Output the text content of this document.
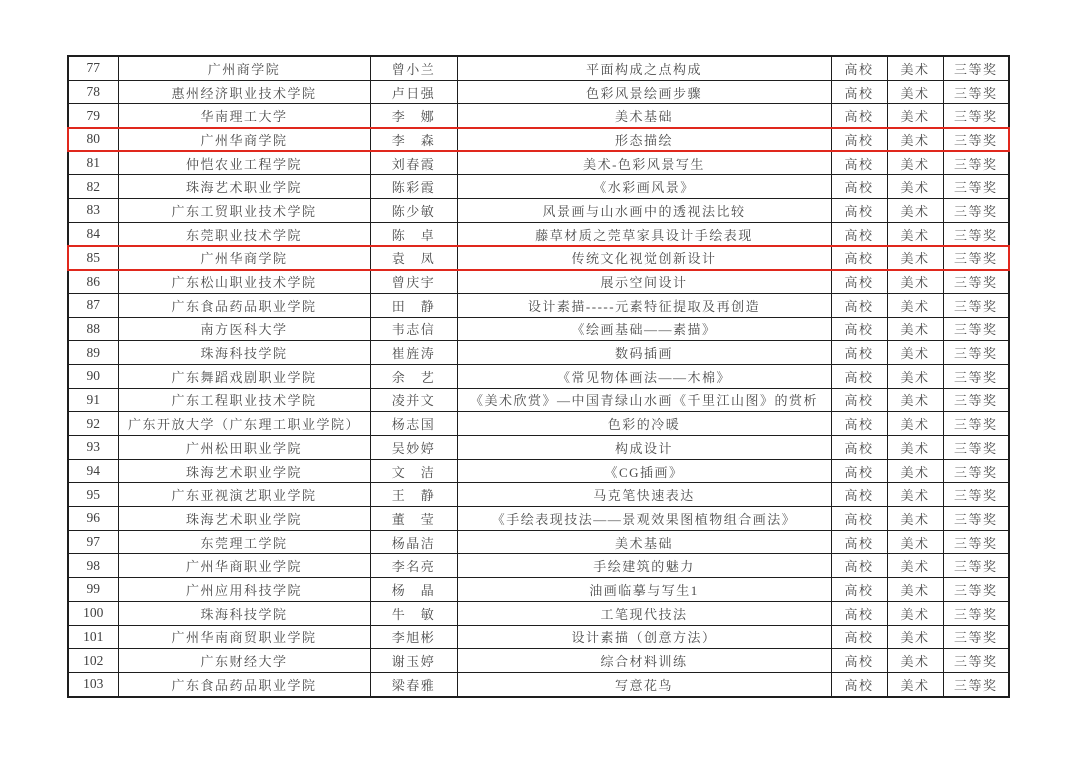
77	广州商学院	曾小兰	平面构成之点构成	高校	美术	三等奖
78	惠州经济职业技术学院	卢日强	色彩风景绘画步骤	高校	美术	三等奖
79	华南理工大学	李　娜	美术基础	高校	美术	三等奖
80	广州华商学院	李　森	形态描绘	高校	美术	三等奖
81	仲恺农业工程学院	刘春霞	美术-色彩风景写生	高校	美术	三等奖
82	珠海艺术职业学院	陈彩霞	《水彩画风景》	高校	美术	三等奖
83	广东工贸职业技术学院	陈少敏	风景画与山水画中的透视法比较	高校	美术	三等奖
84	东莞职业技术学院	陈　卓	藤草材质之莞草家具设计手绘表现	高校	美术	三等奖
85	广州华商学院	袁　凤	传统文化视觉创新设计	高校	美术	三等奖
86	广东松山职业技术学院	曾庆宇	展示空间设计	高校	美术	三等奖
87	广东食品药品职业学院	田　静	设计素描-----元素特征提取及再创造	高校	美术	三等奖
88	南方医科大学	韦志信	《绘画基础——素描》	高校	美术	三等奖
89	珠海科技学院	崔旌涛	数码插画	高校	美术	三等奖
90	广东舞蹈戏剧职业学院	余　艺	《常见物体画法——木棉》	高校	美术	三等奖
91	广东工程职业技术学院	凌并文	《美术欣赏》—中国青绿山水画《千里江山图》的赏析	高校	美术	三等奖
92	广东开放大学（广东理工职业学院）	杨志国	色彩的冷暖	高校	美术	三等奖
93	广州松田职业学院	吴妙婷	构成设计	高校	美术	三等奖
94	珠海艺术职业学院	文　洁	《CG插画》	高校	美术	三等奖
95	广东亚视演艺职业学院	王　静	马克笔快速表达	高校	美术	三等奖
96	珠海艺术职业学院	董　莹	《手绘表现技法——景观效果图植物组合画法》	高校	美术	三等奖
97	东莞理工学院	杨晶洁	美术基础	高校	美术	三等奖
98	广州华商职业学院	李名亮	手绘建筑的魅力	高校	美术	三等奖
99	广州应用科技学院	杨　晶	油画临摹与写生1	高校	美术	三等奖
100	珠海科技学院	牛　敏	工笔现代技法	高校	美术	三等奖
101	广州华南商贸职业学院	李旭彬	设计素描（创意方法）	高校	美术	三等奖
102	广东财经大学	谢玉婷	综合材料训练	高校	美术	三等奖
103	广东食品药品职业学院	梁春雅	写意花鸟	高校	美术	三等奖
